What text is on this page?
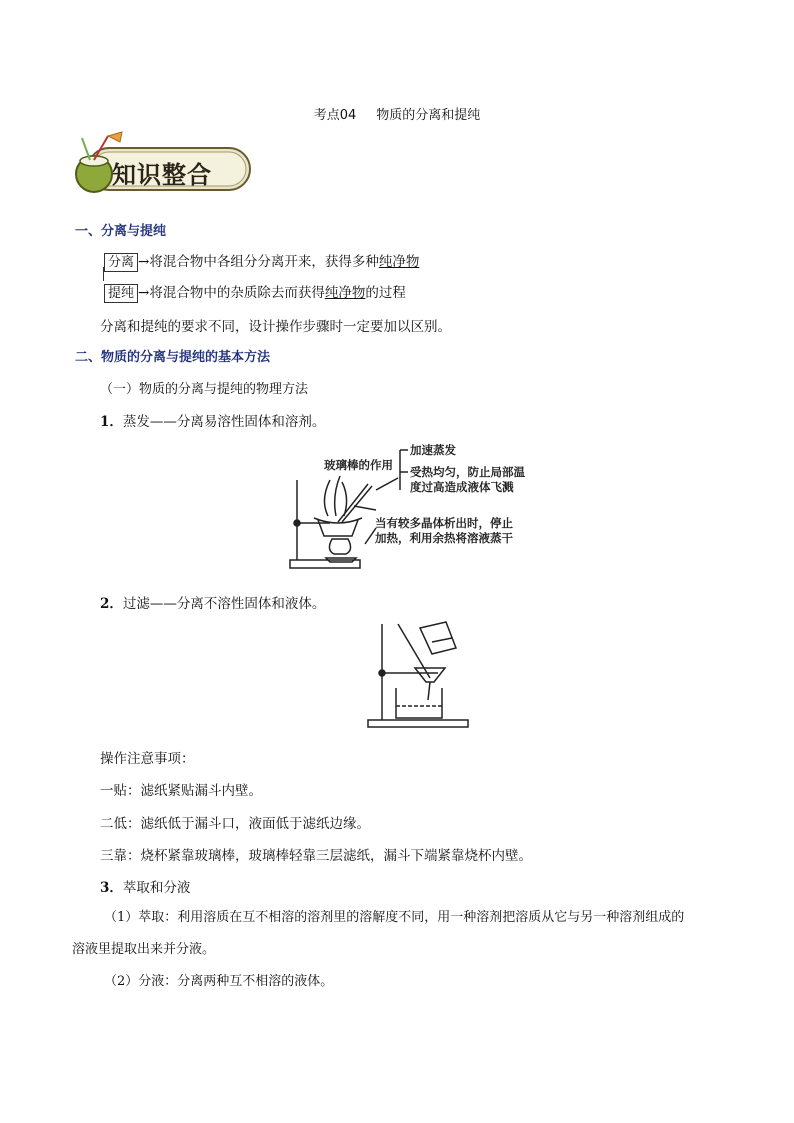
考点04 物质的分离和提纯
知识整合
一、分离与提纯
分离 →将混合物中各组分分离开来，获得多种纯净物
提纯 →将混合物中的杂质除去而获得纯净物的过程
分离和提纯的要求不同，设计操作步骤时一定要加以区别。
二、物质的分离与提纯的基本方法
（一）物质的分离与提纯的物理方法
1．蒸发——分离易溶性固体和溶剂。
玻璃棒的作用
加速蒸发
受热均匀，防止局部温
度过高造成液体飞溅
当有较多晶体析出时，停止
加热，利用余热将溶液蒸干
2．过滤——分离不溶性固体和液体。
操作注意事项：
一贴：滤纸紧贴漏斗内壁。
二低：滤纸低于漏斗口，液面低于滤纸边缘。
三靠：烧杯紧靠玻璃棒，玻璃棒轻靠三层滤纸，漏斗下端紧靠烧杯内壁。
3．萃取和分液
（1）萃取：利用溶质在互不相溶的溶剂里的溶解度不同，用一种溶剂把溶质从它与另一种溶剂组成的
溶液里提取出来并分液。
（2）分液：分离两种互不相溶的液体。
